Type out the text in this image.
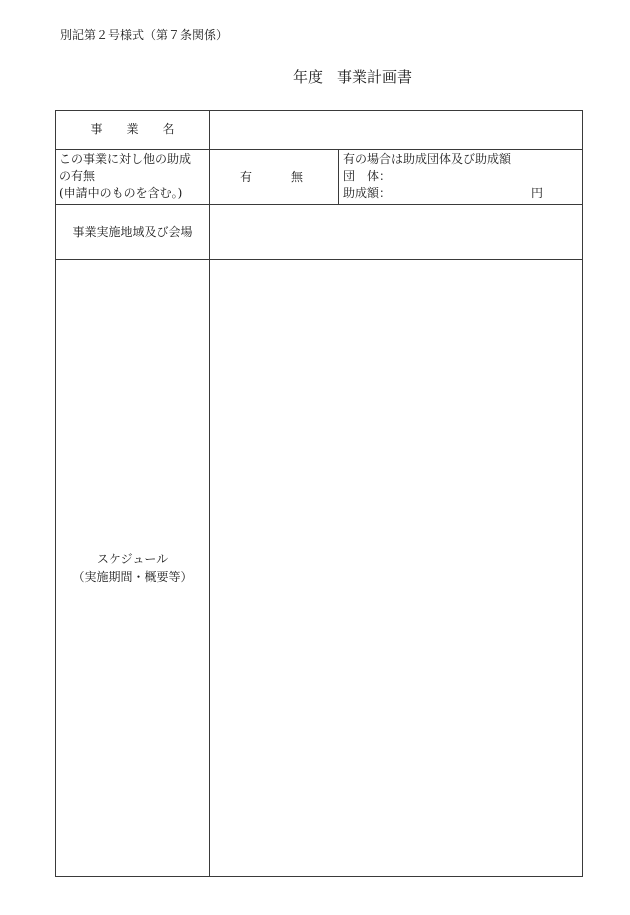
別記第２号様式（第７条関係）
年度 事業計画書
事　　業　　名
この事業に対し他の助成
の有無
(申請中のものを含む。)
有	無
有の場合は助成団体及び助成額
団　体：
助成額：	円
事業実施地域及び会場
スケジュール
（実施期間・概要等）
